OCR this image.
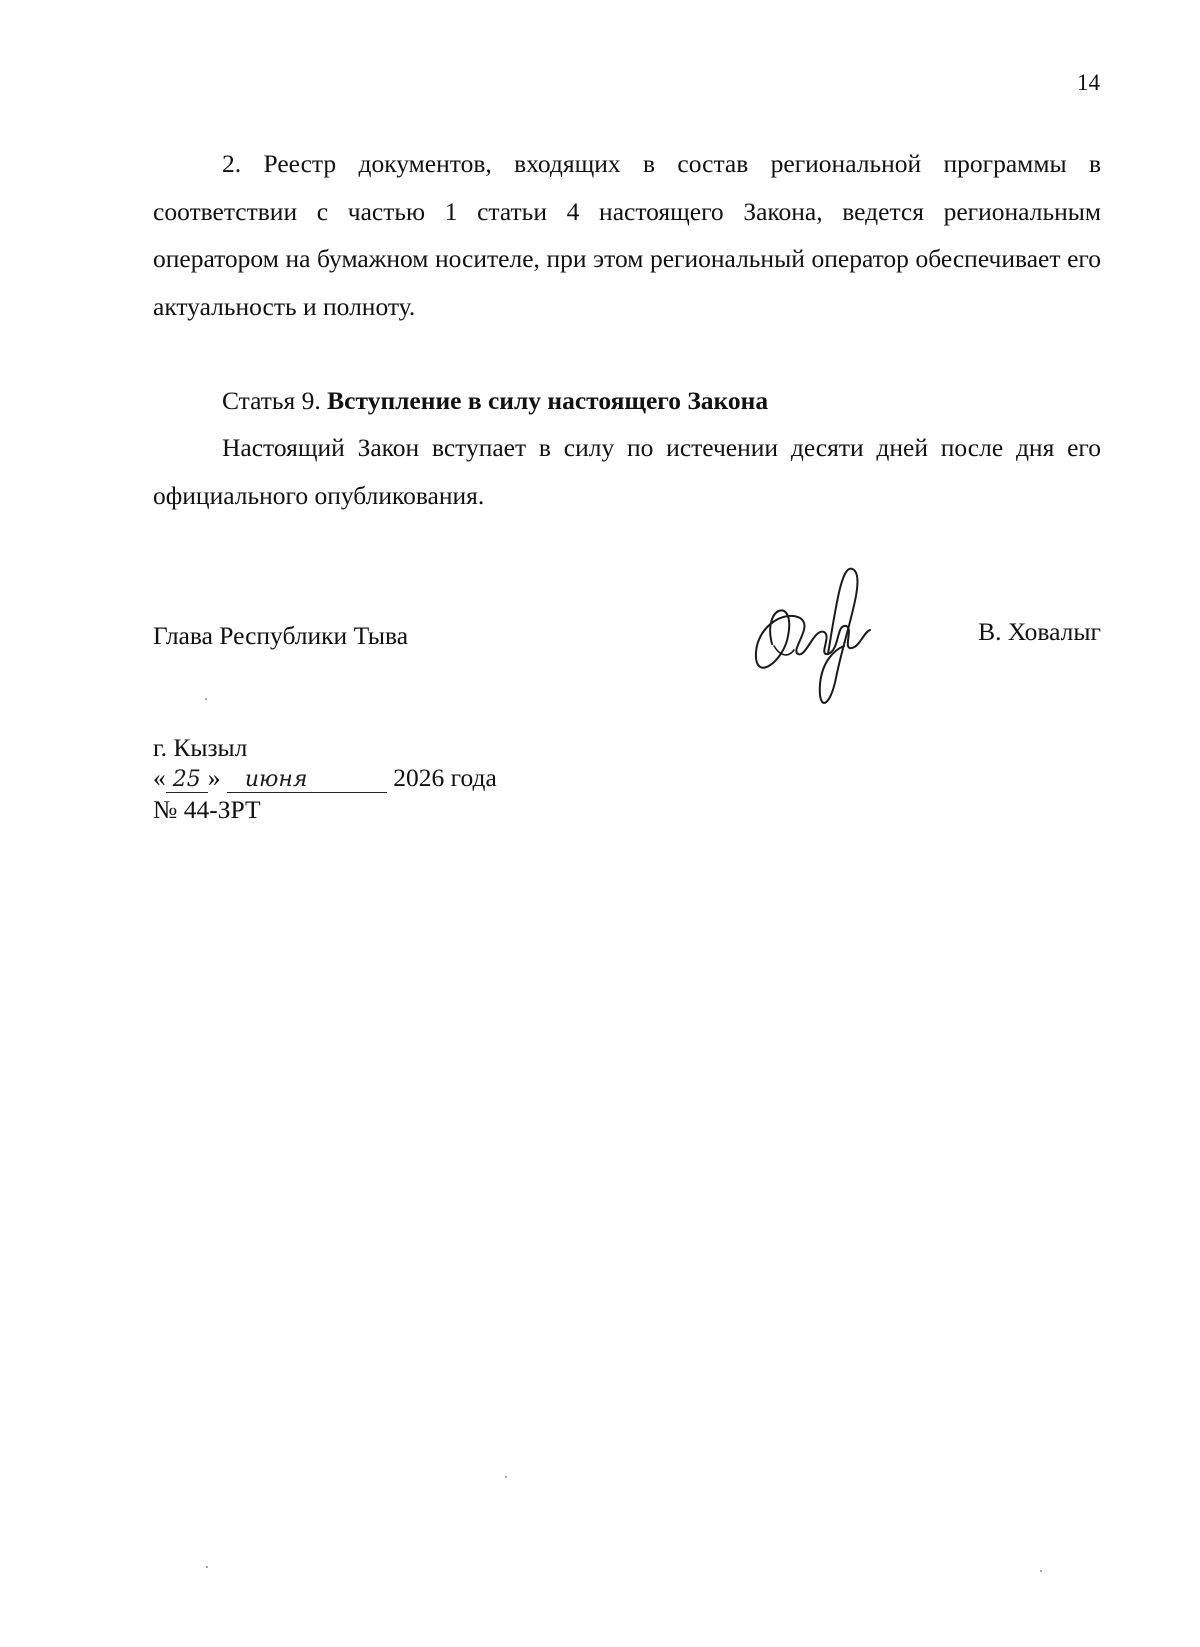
14

2. Реестр документов, входящих в состав региональной программы в соответствии с частью 1 статьи 4 настоящего Закона, ведется региональным оператором на бумажном носителе, при этом региональный оператор обеспечивает его актуальность и полноту.

Статья 9. Вступление в силу настоящего Закона

Настоящий Закон вступает в силу по истечении десяти дней после дня его официального опубликования.

Глава Республики Тыва	В. Ховалыг
г. Кызыл
« 25 » июня	2026 года
№ 44-ЗРТ
